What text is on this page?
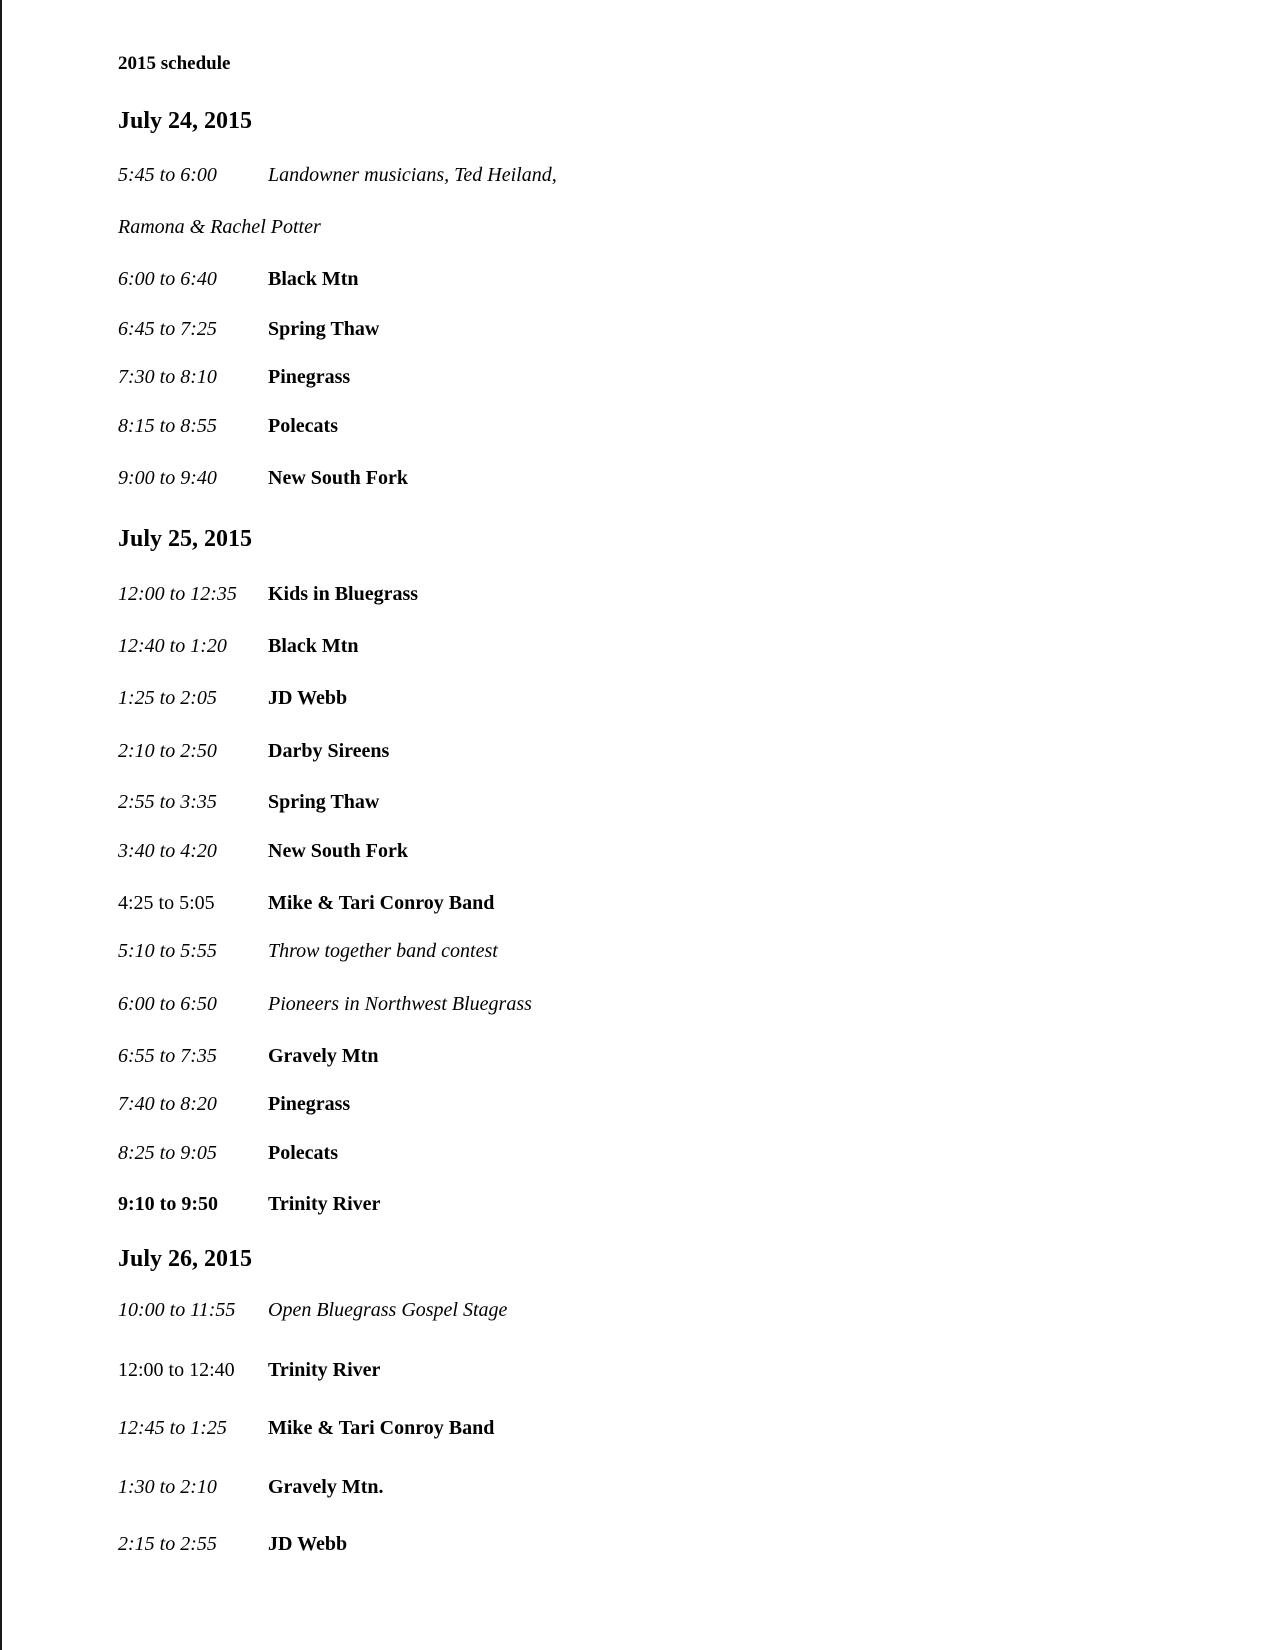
2015 schedule

July 24, 2015
5:45 to 6:00	Landowner musicians, Ted Heiland,
Ramona & Rachel Potter
6:00 to 6:40	Black Mtn
6:45 to 7:25	Spring Thaw
7:30 to 8:10	Pinegrass
8:15 to 8:55	Polecats
9:00 to 9:40	New South Fork
July 25, 2015
12:00 to 12:35 Kids in Bluegrass
12:40 to 1:20 Black Mtn
1:25 to 2:05	JD Webb
2:10 to 2:50	Darby Sireens
2:55 to 3:35	Spring Thaw
3:40 to 4:20	New South Fork
4:25 to 5:05	Mike & Tari Conroy Band
5:10 to 5:55	Throw together band contest
6:00 to 6:50	Pioneers in Northwest Bluegrass
6:55 to 7:35	Gravely Mtn
7:40 to 8:20	Pinegrass
8:25 to 9:05	Polecats
9:10 to 9:50	Trinity River
July 26, 2015
10:00 to 11:55 Open Bluegrass Gospel Stage
12:00 to 12:40 Trinity River
12:45 to 1:25 Mike & Tari Conroy Band
1:30 to 2:10	Gravely Mtn.
2:15 to 2:55	JD Webb
